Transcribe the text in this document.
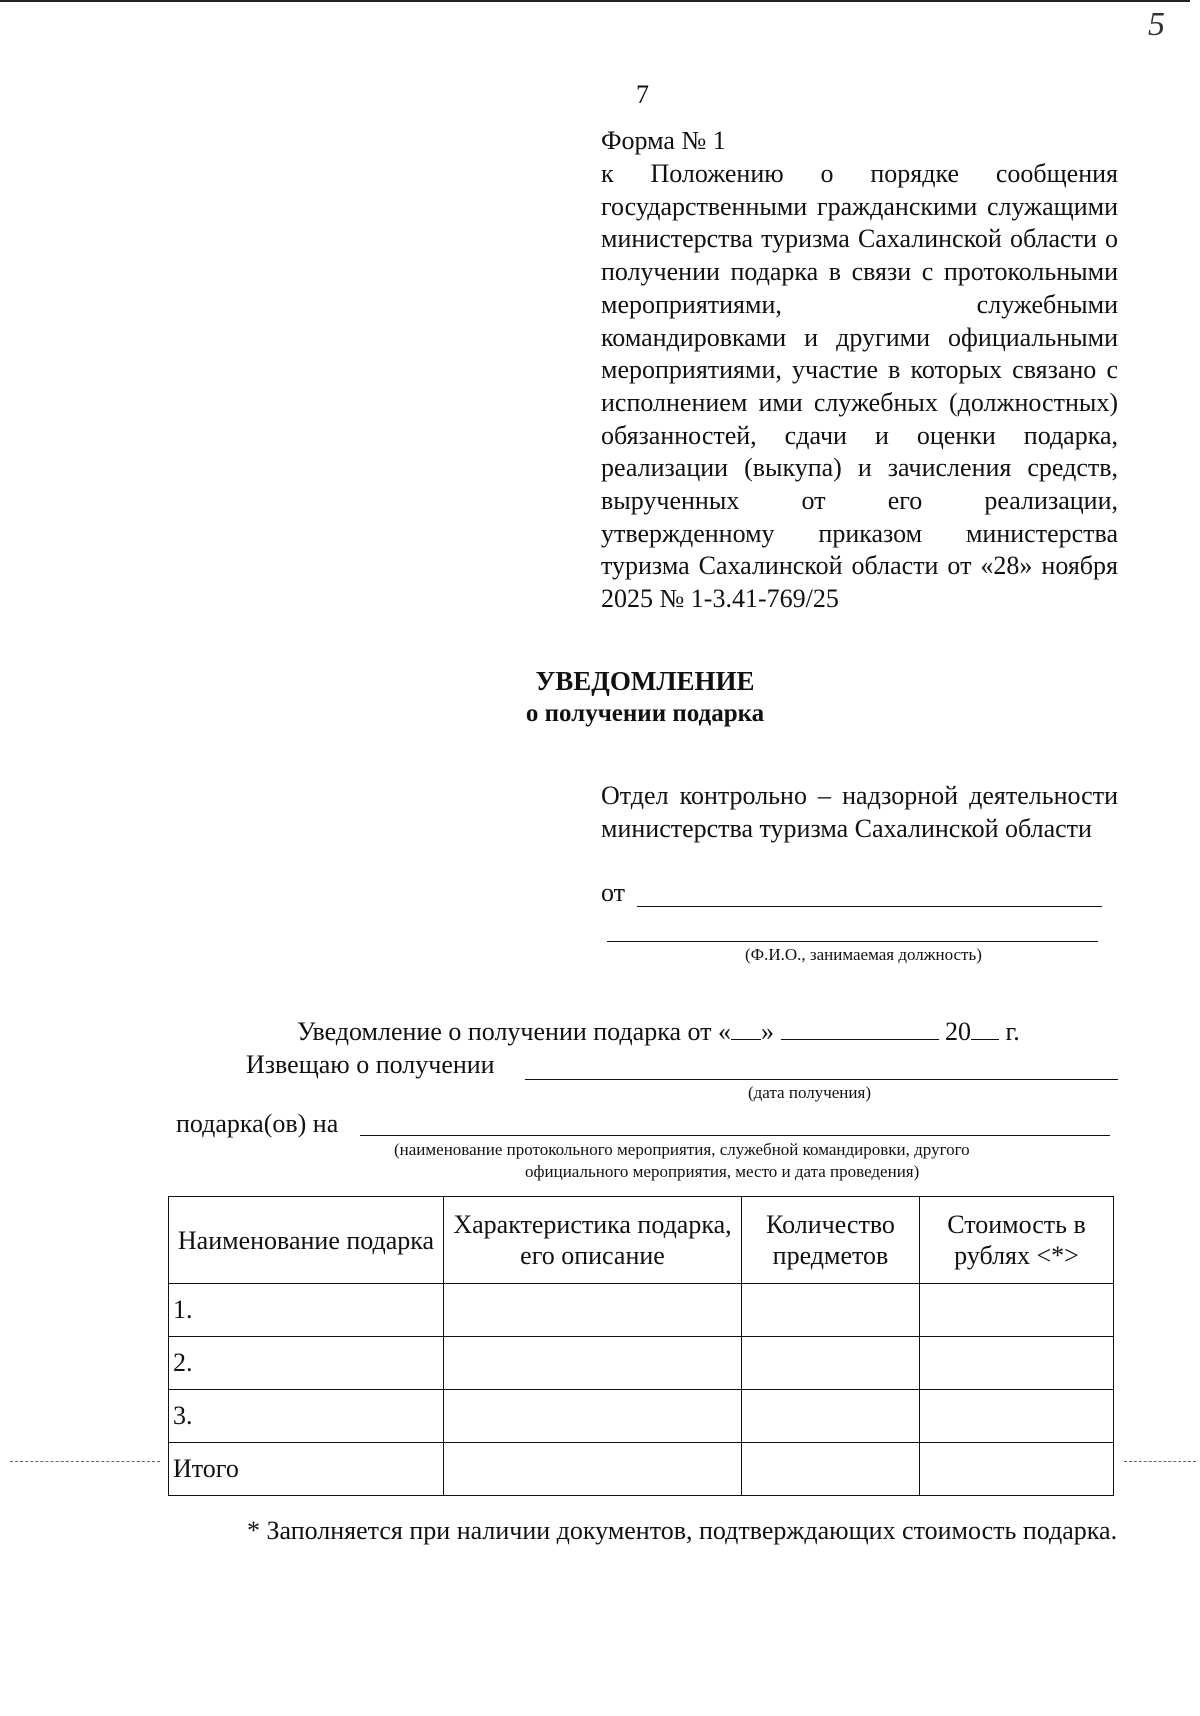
5
7
Форма № 1
к Положению о порядке сообщения государственными гражданскими служащими министерства туризма Сахалинской области о получении подарка в связи с протокольными мероприятиями, служебными командировками и другими официальными мероприятиями, участие в которых связано с исполнением ими служебных (должностных) обязанностей, сдачи и оценки подарка, реализации (выкупа) и зачисления средств, вырученных от его реализации, утвержденному приказом министерства туризма Сахалинской области от «28» ноября 2025 № 1-3.41-769/25
УВЕДОМЛЕНИЕ
о получении подарка
Отдел контрольно – надзорной деятельности министерства туризма Сахалинской области
от
(Ф.И.О., занимаемая должность)
Уведомление о получении подарка от « »	20 г.
Извещаю о получении
(дата получения)
подарка(ов) на
(наименование протокольного мероприятия, служебной командировки, другого
официального мероприятия, место и дата проведения)
Наименование подарка	Характеристика подарка, его описание	Количество предметов	Стоимость в рублях <*>
1.			
2.			
3.			
Итого			
* Заполняется при наличии документов, подтверждающих стоимость подарка.
